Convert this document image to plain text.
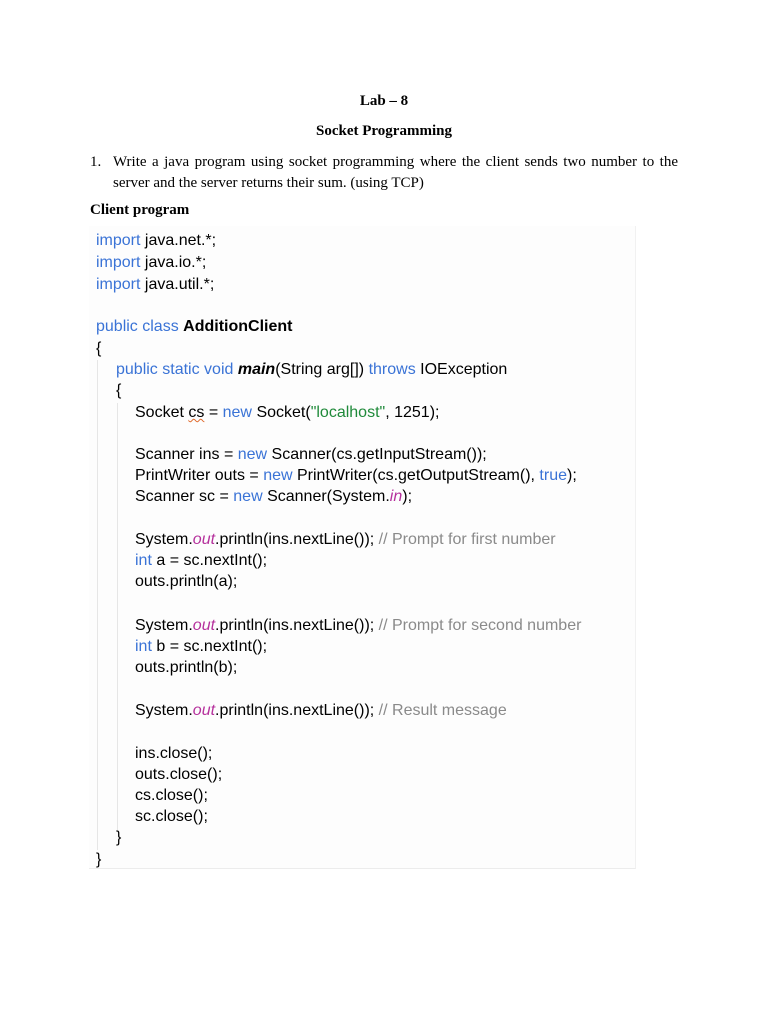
Lab – 8
Socket Programming
1. Write a java program using socket programming where the client sends two number to the server and the server returns their sum. (using TCP)
Client program
import java.net.*;
import java.io.*;
import java.util.*;
public class AdditionClient
{
public static void main(String arg[]) throws IOException
{
Socket cs = new Socket("localhost", 1251);
Scanner ins = new Scanner(cs.getInputStream());
PrintWriter outs = new PrintWriter(cs.getOutputStream(), true);
Scanner sc = new Scanner(System.in);
System.out.println(ins.nextLine()); // Prompt for first number
int a = sc.nextInt();
outs.println(a);
System.out.println(ins.nextLine()); // Prompt for second number
int b = sc.nextInt();
outs.println(b);
System.out.println(ins.nextLine()); // Result message
ins.close();
outs.close();
cs.close();
sc.close();
}
}
